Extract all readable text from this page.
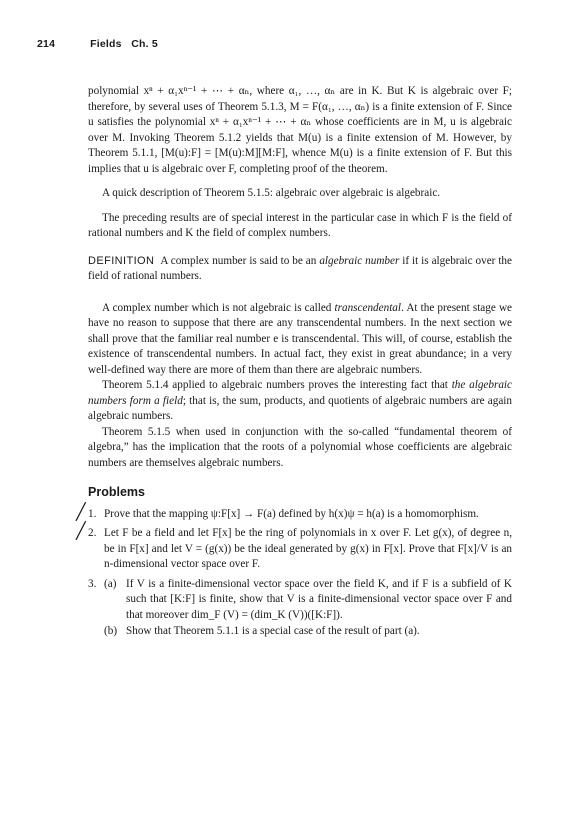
214	Fields Ch. 5

polynomial xⁿ + α₁xⁿ⁻¹ + ⋯ + αₙ, where α₁, …, αₙ are in K. But K is algebraic over F; therefore, by several uses of Theorem 5.1.3, M = F(α₁, …, αₙ) is a finite extension of F. Since u satisfies the polynomial xⁿ + α₁xⁿ⁻¹ + ⋯ + αₙ whose coefficients are in M, u is algebraic over M. Invoking Theorem 5.1.2 yields that M(u) is a finite extension of M. However, by Theorem 5.1.1, [M(u):F] = [M(u):M][M:F], whence M(u) is a finite extension of F. But this implies that u is algebraic over F, completing proof of the theorem.

A quick description of Theorem 5.1.5: algebraic over algebraic is algebraic.

The preceding results are of special interest in the particular case in which F is the field of rational numbers and K the field of complex numbers.

DEFINITION A complex number is said to be an algebraic number if it is algebraic over the field of rational numbers.

A complex number which is not algebraic is called transcendental. At the present stage we have no reason to suppose that there are any transcendental numbers. In the next section we shall prove that the familiar real number e is transcendental. This will, of course, establish the existence of transcendental numbers. In actual fact, they exist in great abundance; in a very well-defined way there are more of them than there are algebraic numbers.

Theorem 5.1.4 applied to algebraic numbers proves the interesting fact that the algebraic numbers form a field; that is, the sum, products, and quotients of algebraic numbers are again algebraic numbers.

Theorem 5.1.5 when used in conjunction with the so-called “fundamental theorem of algebra,” has the implication that the roots of a polynomial whose coefficients are algebraic numbers are themselves algebraic numbers.

Problems
╱ 1. Prove that the mapping ψ:F[x] → F(a) defined by h(x)ψ = h(a) is a homomorphism.
╱ 2. Let F be a field and let F[x] be the ring of polynomials in x over F. Let g(x), of degree n, be in F[x] and let V = (g(x)) be the ideal generated by g(x) in F[x]. Prove that F[x]/V is an n-dimensional vector space over F.
3. (a) If V is a finite-dimensional vector space over the field K, and if F is a subfield of K such that [K:F] is finite, show that V is a finite-dimensional vector space over F and that moreover dim_F (V) = (dim_K (V))([K:F]).
(b) Show that Theorem 5.1.1 is a special case of the result of part (a).
